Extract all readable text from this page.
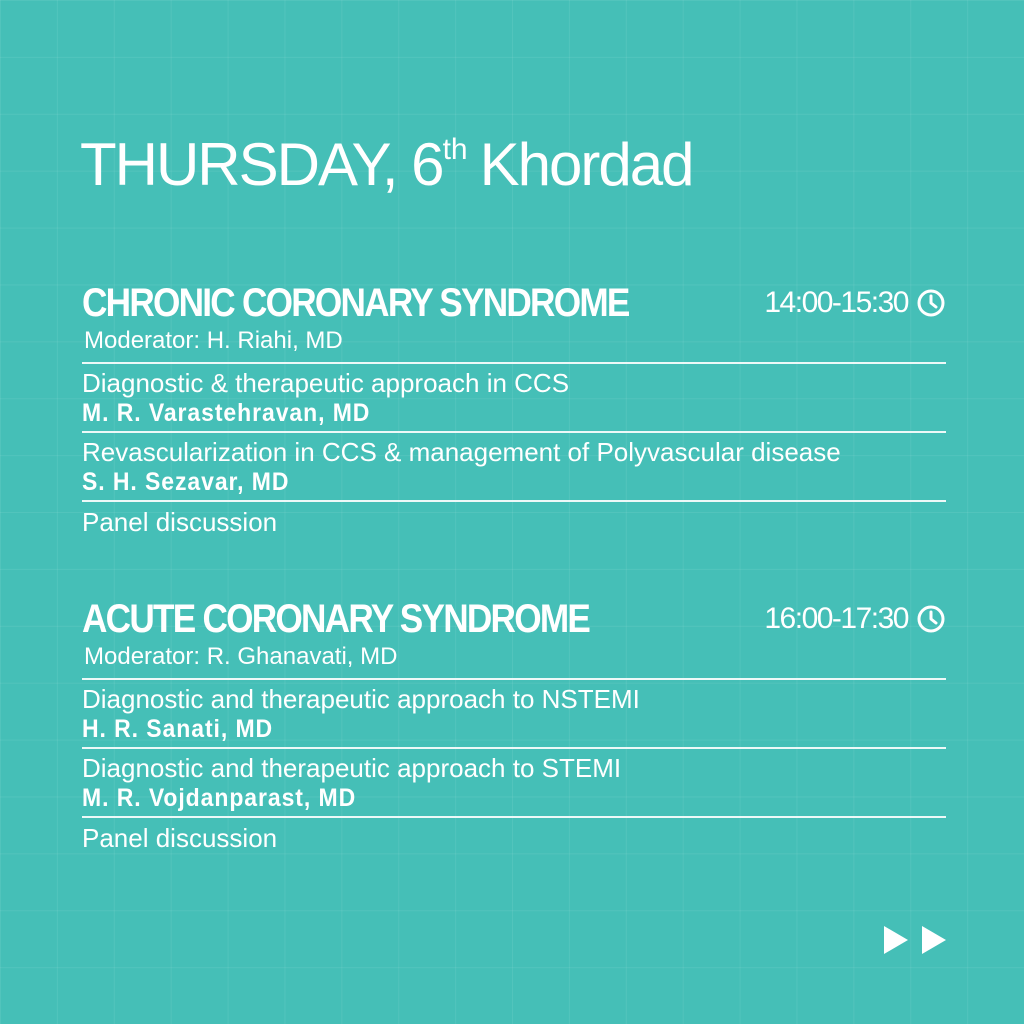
THURSDAY, 6th Khordad
CHRONIC CORONARY SYNDROME	14:00-15:30
Moderator: H. Riahi, MD
Diagnostic & therapeutic approach in CCS
M. R. Varastehravan, MD
Revascularization in CCS & management of Polyvascular disease
S. H. Sezavar, MD
Panel discussion
ACUTE CORONARY SYNDROME	16:00-17:30
Moderator: R. Ghanavati, MD
Diagnostic and therapeutic approach to NSTEMI
H. R. Sanati, MD
Diagnostic and therapeutic approach to STEMI
M. R. Vojdanparast, MD
Panel discussion
